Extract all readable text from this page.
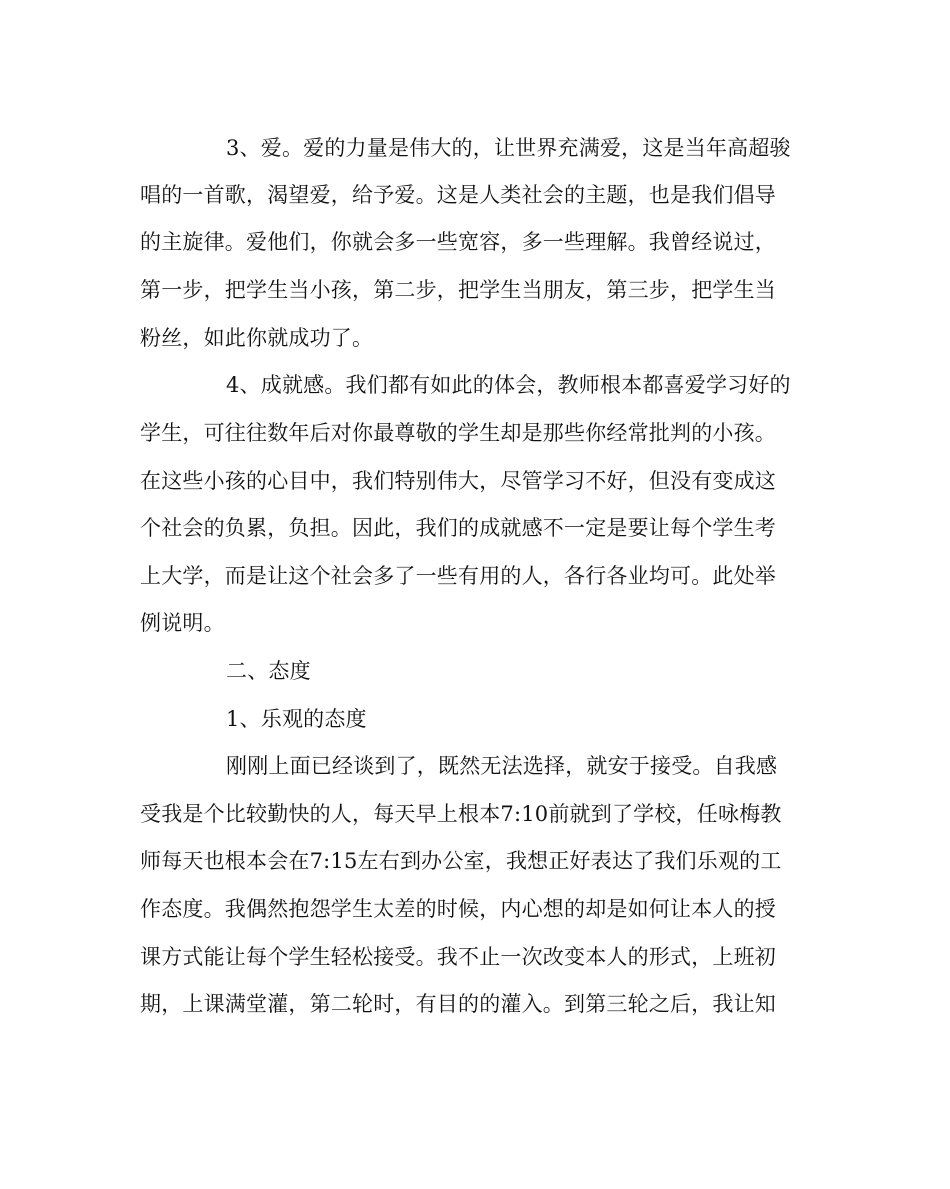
3、爱。爱的力量是伟大的，让世界充满爱，这是当年高超骏
唱的一首歌，渴望爱，给予爱。这是人类社会的主题，也是我们倡导
的主旋律。爱他们，你就会多一些宽容，多一些理解。我曾经说过，
第一步，把学生当小孩，第二步，把学生当朋友，第三步，把学生当
粉丝，如此你就成功了。
4、成就感。我们都有如此的体会，教师根本都喜爱学习好的
学生，可往往数年后对你最尊敬的学生却是那些你经常批判的小孩。
在这些小孩的心目中，我们特别伟大，尽管学习不好，但没有变成这
个社会的负累，负担。因此，我们的成就感不一定是要让每个学生考
上大学，而是让这个社会多了一些有用的人，各行各业均可。此处举
例说明。
二、态度
1、乐观的态度
刚刚上面已经谈到了，既然无法选择，就安于接受。自我感
受我是个比较勤快的人，每天早上根本7:10前就到了学校，任咏梅教
师每天也根本会在7:15左右到办公室，我想正好表达了我们乐观的工
作态度。我偶然抱怨学生太差的时候，内心想的却是如何让本人的授
课方式能让每个学生轻松接受。我不止一次改变本人的形式，上班初
期，上课满堂灌，第二轮时，有目的的灌入。到第三轮之后，我让知
